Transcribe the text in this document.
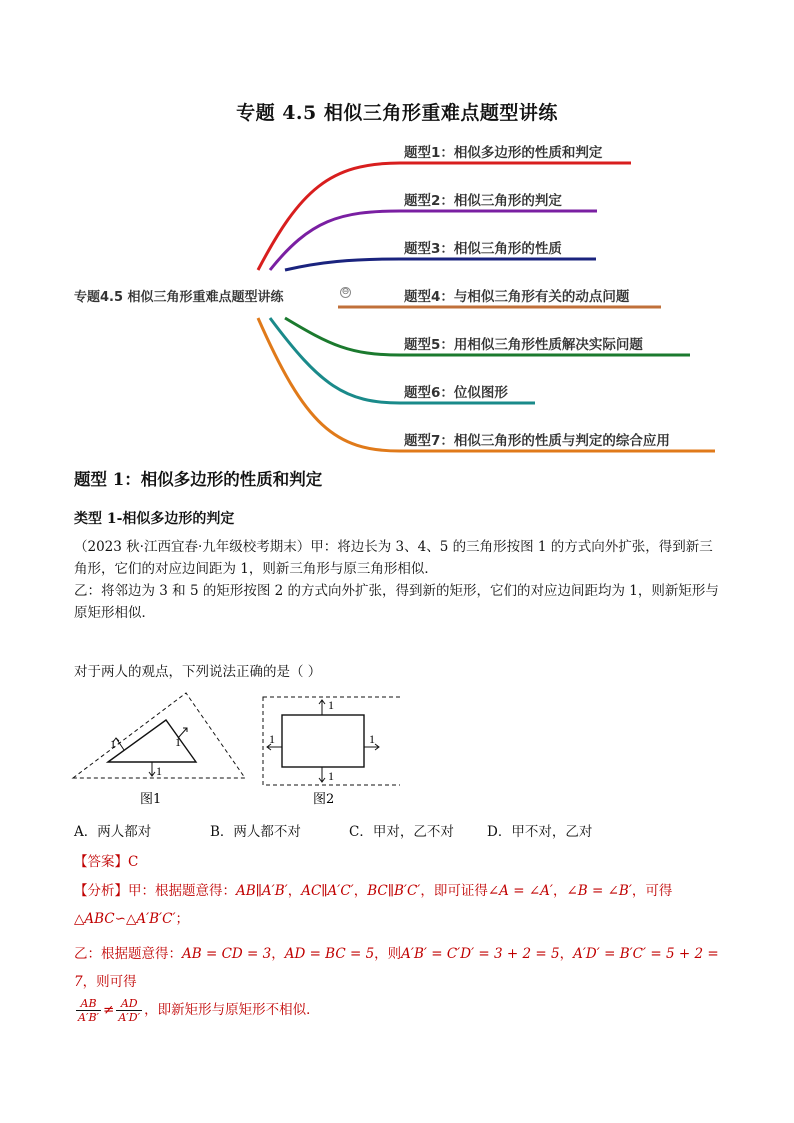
专题 4.5 相似三角形重难点题型讲练
专题4.5 相似三角形重难点题型讲练	⊖
题型1：相似多边形的性质和判定
题型2：相似三角形的判定
题型3：相似三角形的性质
题型4：与相似三角形有关的动点问题
题型5：用相似三角形性质解决实际问题
题型6：位似图形
题型7：相似三角形的性质与判定的综合应用
题型 1：相似多边形的性质和判定
类型 1-相似多边形的判定
（2023 秋·江西宜春·九年级校考期末）甲：将边长为 3、4、5 的三角形按图 1 的方式向外扩张，得到新三
角形，它们的对应边间距为 1，则新三角形与原三角形相似．
乙：将邻边为 3 和 5 的矩形按图 2 的方式向外扩张，得到新的矩形，它们的对应边间距均为 1，则新矩形与
原矩形相似．
对于两人的观点，下列说法正确的是（ ）
1	1
1
图1
1
1
1	1
图2
A．两人都对	B．两人都不对	C．甲对，乙不对 D．甲不对，乙对
【答案】C
【分析】甲：根据题意得：AB∥A′B′，AC∥A′C′，BC∥B′C′，即可证得∠A = ∠A′，∠B = ∠B′，可得
△ABC∽△A′B′C′；
乙：根据题意得：AB = CD = 3，AD = BC = 5，则A′B′ = C′D′ = 3 + 2 = 5，A′D′ = B′C′ = 5 + 2 = 7，则可得

$\frac{AB}{A'B'} \ne \frac{AD}{A'D'}$ ，即新矩形与原矩形不相似．
